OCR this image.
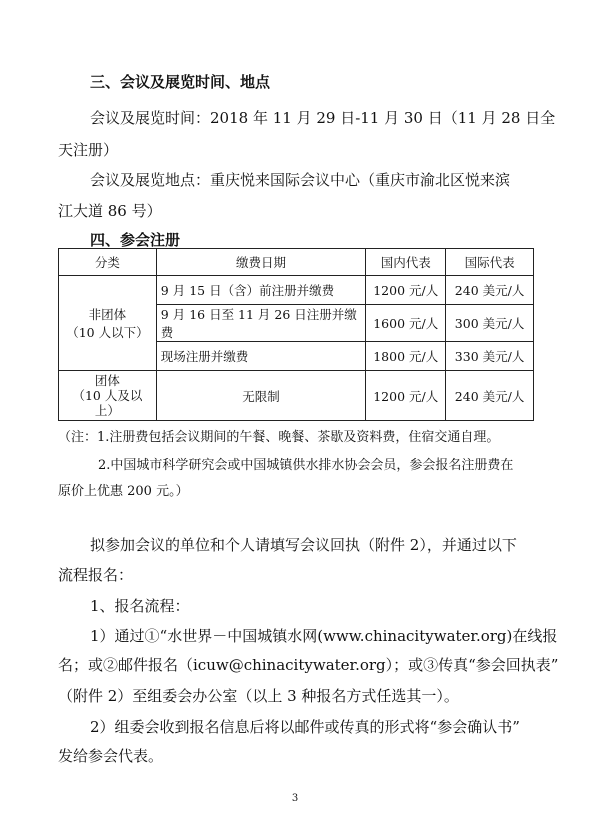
三、会议及展览时间、地点
会议及展览时间：2018 年 11 月 29 日-11 月 30 日（11 月 28 日全
天注册）
会议及展览地点：重庆悦来国际会议中心（重庆市渝北区悦来滨
江大道 86 号）
四、参会注册
分类	缴费日期	国内代表	国际代表

非团体
（10 人以下）	9 月 15 日（含）前注册并缴费	1200 元/人	240 美元/人
	9 月 16 日至 11 月 26 日注册并缴费	1600 元/人	300 美元/人
	现场注册并缴费	1800 元/人	330 美元/人

团体
（10 人及以
上）	无限制	1200 元/人	240 美元/人
（注：1.注册费包括会议期间的午餐、晚餐、茶歇及资料费，住宿交通自理。
2.中国城市科学研究会或中国城镇供水排水协会会员，参会报名注册费在
原价上优惠 200 元。）
拟参加会议的单位和个人请填写会议回执（附件 2），并通过以下
流程报名：
1、报名流程：
1）通过①“水世界－中国城镇水网(www.chinacitywater.org)在线报
名；或②邮件报名（icuw@chinacitywater.org）；或③传真“参会回执表”
（附件 2）至组委会办公室（以上 3 种报名方式任选其一）。
2）组委会收到报名信息后将以邮件或传真的形式将“参会确认书”
发给参会代表。
3
